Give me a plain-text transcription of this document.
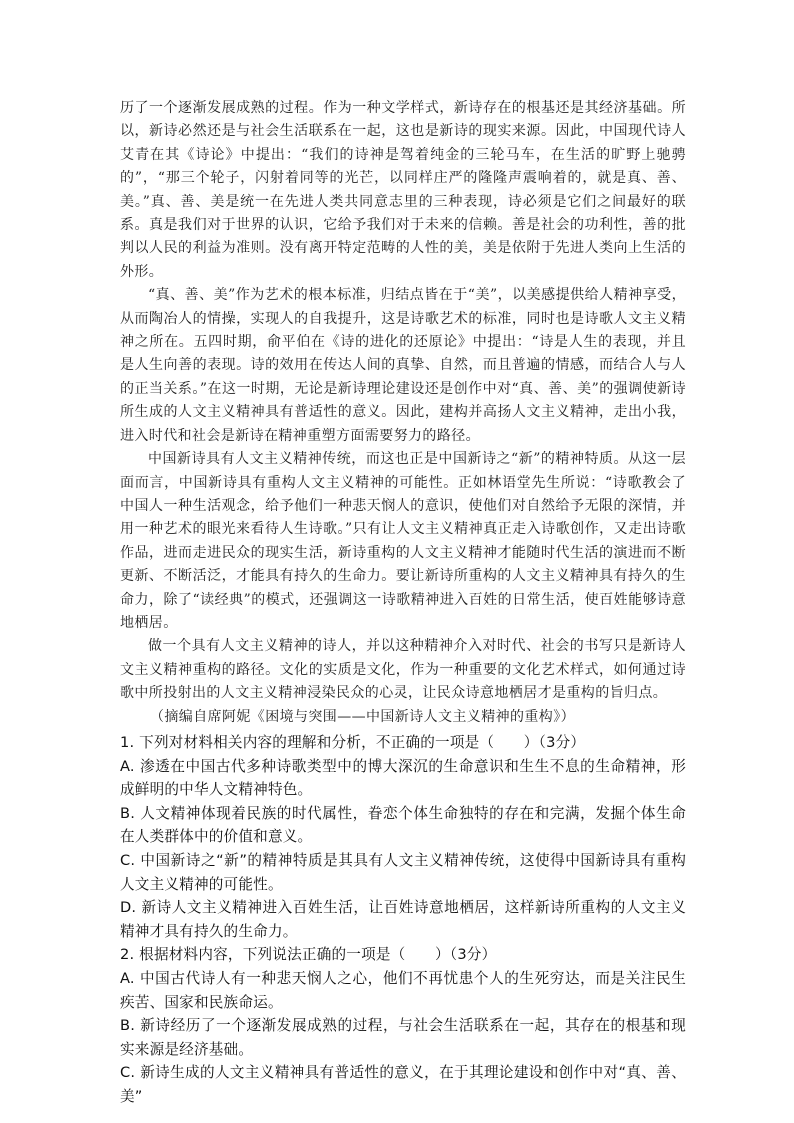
历了一个逐渐发展成熟的过程。作为一种文学样式，新诗存在的根基还是其经济基础。所以，新诗必然还是与社会生活联系在一起，这也是新诗的现实来源。因此，中国现代诗人艾青在其《诗论》中提出：“我们的诗神是驾着纯金的三轮马车，在生活的旷野上驰骋的”，“那三个轮子，闪射着同等的光芒，以同样庄严的隆隆声震响着的，就是真、善、美。”真、善、美是统一在先进人类共同意志里的三种表现，诗必须是它们之间最好的联系。真是我们对于世界的认识，它给予我们对于未来的信赖。善是社会的功利性，善的批判以人民的利益为准则。没有离开特定范畴的人性的美，美是依附于先进人类向上生活的外形。

“真、善、美”作为艺术的根本标准，归结点皆在于“美”，以美感提供给人精神享受，从而陶冶人的情操，实现人的自我提升，这是诗歌艺术的标准，同时也是诗歌人文主义精神之所在。五四时期，俞平伯在《诗的进化的还原论》中提出：“诗是人生的表现，并且是人生向善的表现。诗的效用在传达人间的真挚、自然，而且普遍的情感，而结合人与人的正当关系。”在这一时期，无论是新诗理论建设还是创作中对“真、善、美”的强调使新诗所生成的人文主义精神具有普适性的意义。因此，建构并高扬人文主义精神，走出小我，进入时代和社会是新诗在精神重塑方面需要努力的路径。

中国新诗具有人文主义精神传统，而这也正是中国新诗之“新”的精神特质。从这一层面而言，中国新诗具有重构人文主义精神的可能性。正如林语堂先生所说：“诗歌教会了中国人一种生活观念，给予他们一种悲天悯人的意识，使他们对自然给予无限的深情，并用一种艺术的眼光来看待人生诗歌。”只有让人文主义精神真正走入诗歌创作，又走出诗歌作品，进而走进民众的现实生活，新诗重构的人文主义精神才能随时代生活的演进而不断更新、不断活泛，才能具有持久的生命力。要让新诗所重构的人文主义精神具有持久的生命力，除了“读经典”的模式，还强调这一诗歌精神进入百姓的日常生活，使百姓能够诗意地栖居。

做一个具有人文主义精神的诗人，并以这种精神介入对时代、社会的书写只是新诗人文主义精神重构的路径。文化的实质是文化，作为一种重要的文化艺术样式，如何通过诗歌中所投射出的人文主义精神浸染民众的心灵，让民众诗意地栖居才是重构的旨归点。

（摘编自席阿妮《困境与突围——中国新诗人文主义精神的重构》）

1. 下列对材料相关内容的理解和分析，不正确的一项是（　　）（3分）

A. 渗透在中国古代多种诗歌类型中的博大深沉的生命意识和生生不息的生命精神，形成鲜明的中华人文精神特色。

B. 人文精神体现着民族的时代属性，眷恋个体生命独特的存在和完满，发掘个体生命在人类群体中的价值和意义。

C. 中国新诗之“新”的精神特质是其具有人文主义精神传统，这使得中国新诗具有重构人文主义精神的可能性。

D. 新诗人文主义精神进入百姓生活，让百姓诗意地栖居，这样新诗所重构的人文主义精神才具有持久的生命力。

2. 根据材料内容，下列说法正确的一项是（　　）（3分）

A. 中国古代诗人有一种悲天悯人之心，他们不再忧患个人的生死穷达，而是关注民生疾苦、国家和民族命运。

B. 新诗经历了一个逐渐发展成熟的过程，与社会生活联系在一起，其存在的根基和现实来源是经济基础。

C. 新诗生成的人文主义精神具有普适性的意义，在于其理论建设和创作中对“真、善、美”
